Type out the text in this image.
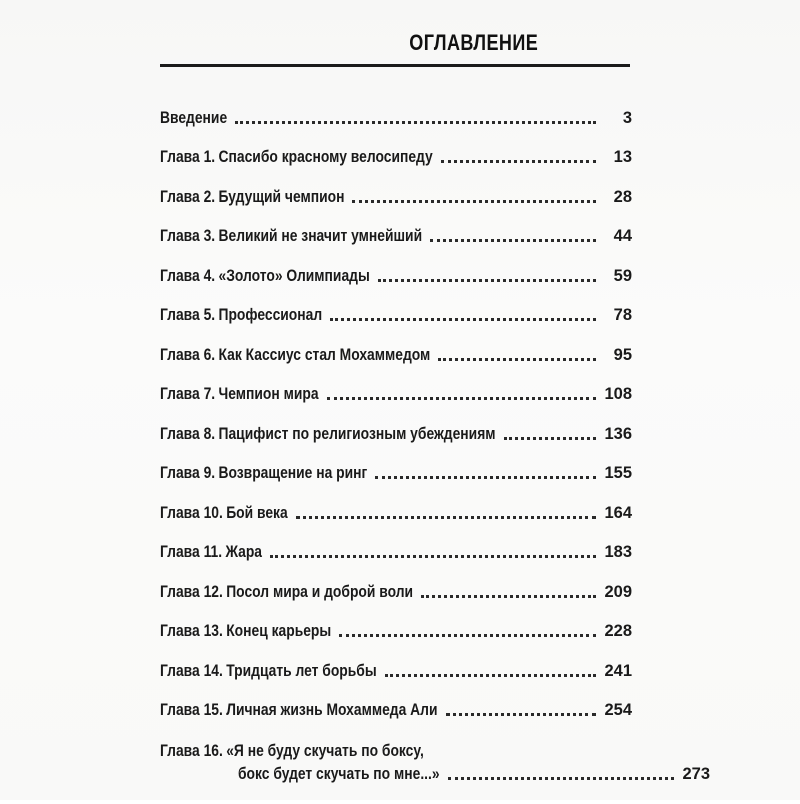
ОГЛАВЛЕНИЕ
Введение	3
Глава 1. Спасибо красному велосипеду	13
Глава 2. Будущий чемпион	28
Глава 3. Великий не значит умнейший	44
Глава 4. «Золото» Олимпиады	59
Глава 5. Профессионал	78
Глава 6. Как Кассиус стал Мохаммедом	95
Глава 7. Чемпион мира	108
Глава 8. Пацифист по религиозным убеждениям	136
Глава 9. Возвращение на ринг	155
Глава 10. Бой века	164
Глава 11. Жара	183
Глава 12. Посол мира и доброй воли	209
Глава 13. Конец карьеры	228
Глава 14. Тридцать лет борьбы	241
Глава 15. Личная жизнь Мохаммеда Али	254
Глава 16. «Я не буду скучать по боксу,
бокс будет скучать по мне...»	273
